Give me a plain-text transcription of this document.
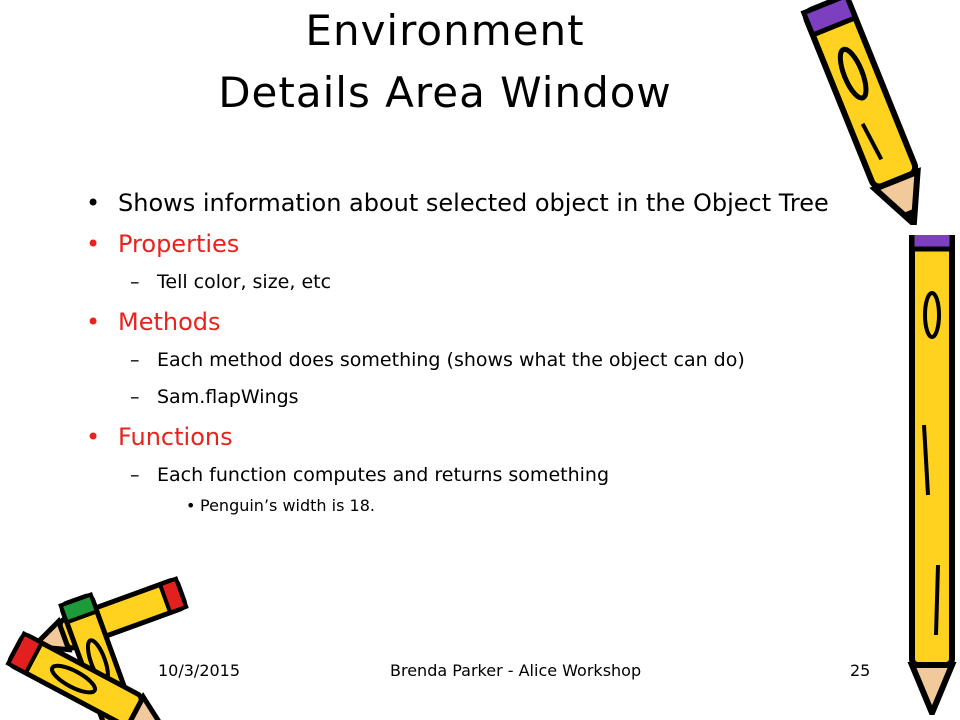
Environment
Details Area Window
• Shows information about selected object in the Object Tree
• Properties
– Tell color, size, etc
• Methods
– Each method does something (shows what the object can do)
– Sam.flapWings
• Functions
– Each function computes and returns something
• Penguin’s width is 18.
10/3/2015	Brenda Parker - Alice Workshop	25
